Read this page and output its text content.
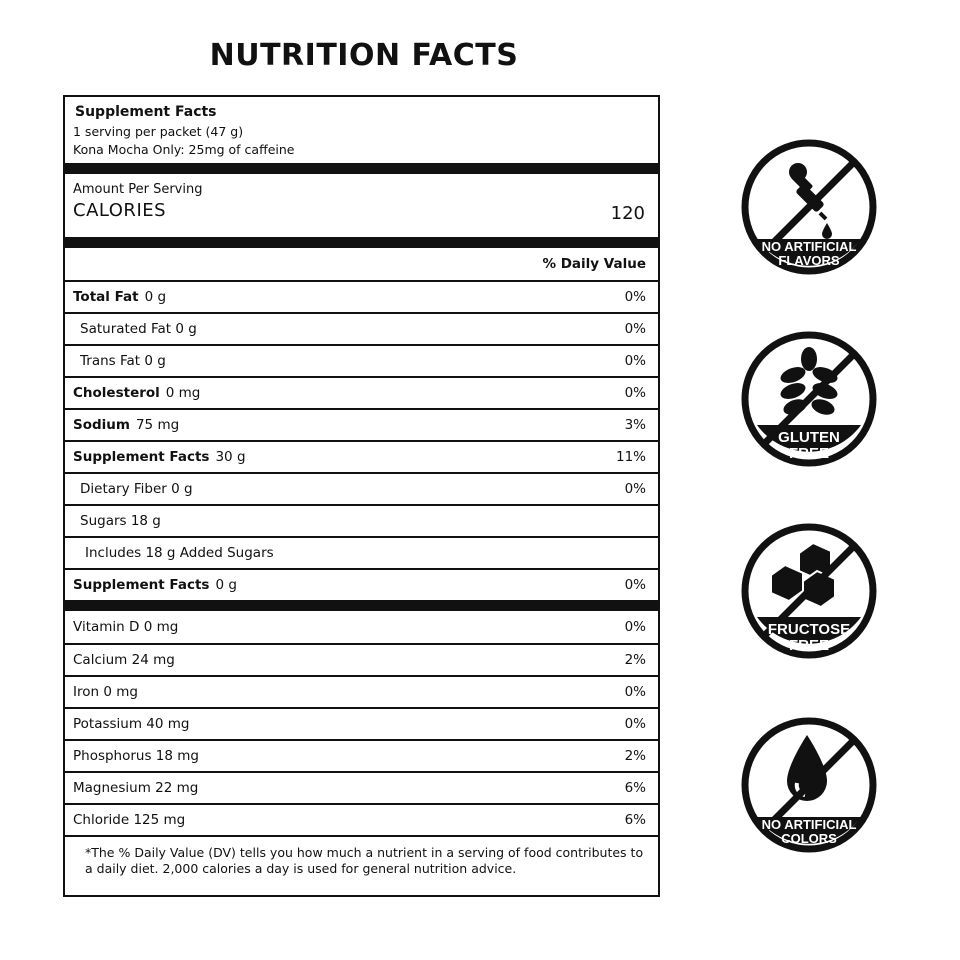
NUTRITION FACTS
Supplement Facts
1 serving per packet (47 g)
Kona Mocha Only: 25mg of caffeine
Amount Per Serving
CALORIES	120
% Daily Value
Total Fat 0 g	0%
Saturated Fat 0 g	0%
Trans Fat 0 g	0%
Cholesterol 0 mg	0%
Sodium 75 mg	3%
Supplement Facts 30 g	11%
Dietary Fiber 0 g	0%
Sugars 18 g
Includes 18 g Added Sugars
Supplement Facts 0 g	0%
Vitamin D 0 mg	0%
Calcium 24 mg	2%
Iron 0 mg	0%
Potassium 40 mg	0%
Phosphorus 18 mg	2%
Magnesium 22 mg	6%
Chloride 125 mg	6%
*The % Daily Value (DV) tells you how much a nutrient in a serving of food contributes to a daily diet. 2,000 calories a day is used for general nutrition advice.
NO ARTIFICIAL
FLAVORS
GLUTEN
FREE
FRUCTOSE
FREE
NO ARTIFICIAL
COLORS
